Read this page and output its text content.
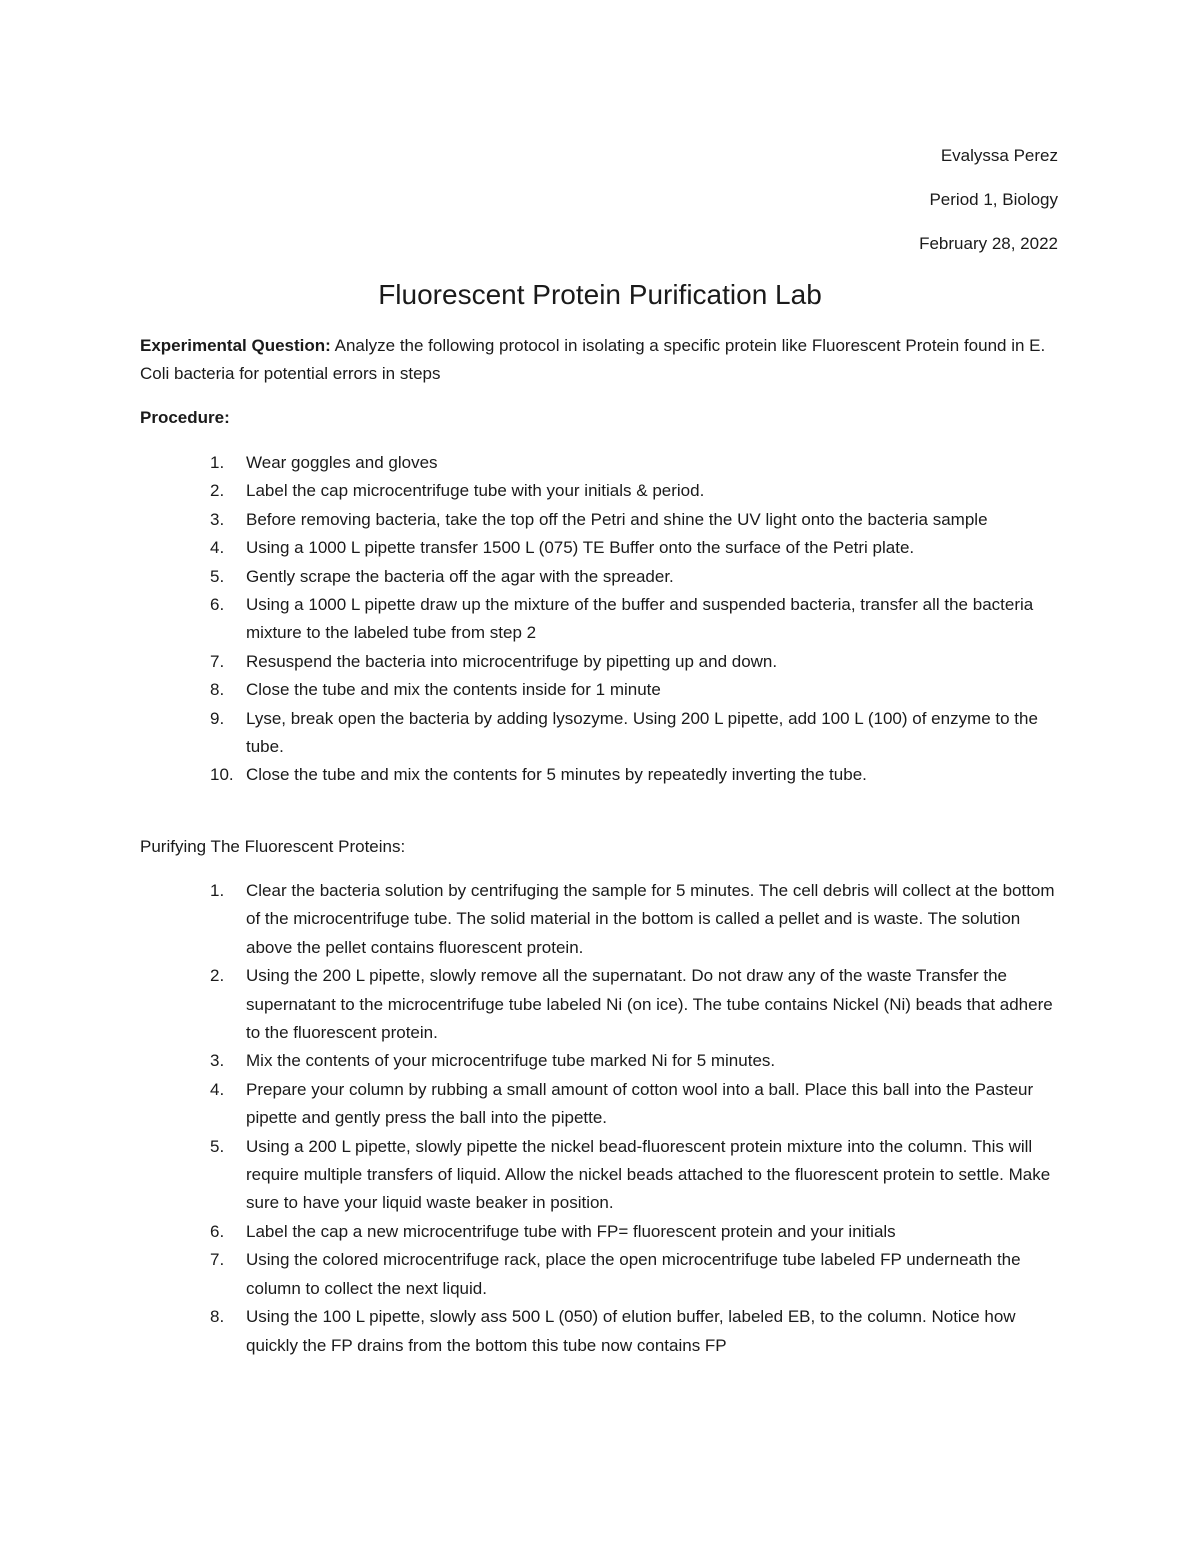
Evalyssa Perez
Period 1, Biology
February 28, 2022
Fluorescent Protein Purification Lab
Experimental Question: Analyze the following protocol in isolating a specific protein like Fluorescent Protein found in E. Coli bacteria for potential errors in steps
Procedure:
1. Wear goggles and gloves
2. Label the cap microcentrifuge tube with your initials & period.
3. Before removing bacteria, take the top off the Petri and shine the UV light onto the bacteria sample
4. Using a 1000 L pipette transfer 1500 L (075) TE Buffer onto the surface of the Petri plate.
5. Gently scrape the bacteria off the agar with the spreader.
6. Using a 1000 L pipette draw up the mixture of the buffer and suspended bacteria, transfer all the bacteria mixture to the labeled tube from step 2
7. Resuspend the bacteria into microcentrifuge by pipetting up and down.
8. Close the tube and mix the contents inside for 1 minute
9. Lyse, break open the bacteria by adding lysozyme. Using 200 L pipette, add 100 L (100) of enzyme to the tube.
10. Close the tube and mix the contents for 5 minutes by repeatedly inverting the tube.
Purifying The Fluorescent Proteins:
1. Clear the bacteria solution by centrifuging the sample for 5 minutes. The cell debris will collect at the bottom of the microcentrifuge tube. The solid material in the bottom is called a pellet and is waste. The solution above the pellet contains fluorescent protein.
2. Using the 200 L pipette, slowly remove all the supernatant. Do not draw any of the waste Transfer the supernatant to the microcentrifuge tube labeled Ni (on ice). The tube contains Nickel (Ni) beads that adhere to the fluorescent protein.
3. Mix the contents of your microcentrifuge tube marked Ni for 5 minutes.
4. Prepare your column by rubbing a small amount of cotton wool into a ball. Place this ball into the Pasteur pipette and gently press the ball into the pipette.
5. Using a 200 L pipette, slowly pipette the nickel bead-fluorescent protein mixture into the column. This will require multiple transfers of liquid. Allow the nickel beads attached to the fluorescent protein to settle. Make sure to have your liquid waste beaker in position.
6. Label the cap a new microcentrifuge tube with FP= fluorescent protein and your initials
7. Using the colored microcentrifuge rack, place the open microcentrifuge tube labeled FP underneath the column to collect the next liquid.
8. Using the 100 L pipette, slowly ass 500 L (050) of elution buffer, labeled EB, to the column. Notice how quickly the FP drains from the bottom this tube now contains FP
